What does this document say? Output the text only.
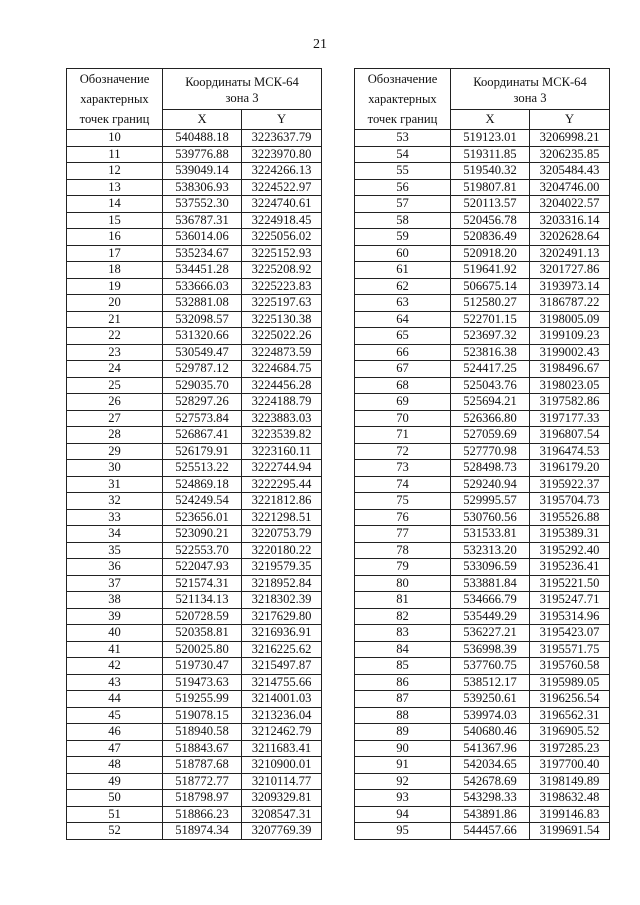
21
Обозначение характерных точек границ	Координаты МСК-64 зона 3	
	X	Y
10	540488.18	3223637.79
11	539776.88	3223970.80
12	539049.14	3224266.13
13	538306.93	3224522.97
14	537552.30	3224740.61
15	536787.31	3224918.45
16	536014.06	3225056.02
17	535234.67	3225152.93
18	534451.28	3225208.92
19	533666.03	3225223.83
20	532881.08	3225197.63
21	532098.57	3225130.38
22	531320.66	3225022.26
23	530549.47	3224873.59
24	529787.12	3224684.75
25	529035.70	3224456.28
26	528297.26	3224188.79
27	527573.84	3223883.03
28	526867.41	3223539.82
29	526179.91	3223160.11
30	525513.22	3222744.94
31	524869.18	3222295.44
32	524249.54	3221812.86
33	523656.01	3221298.51
34	523090.21	3220753.79
35	522553.70	3220180.22
36	522047.93	3219579.35
37	521574.31	3218952.84
38	521134.13	3218302.39
39	520728.59	3217629.80
40	520358.81	3216936.91
41	520025.80	3216225.62
42	519730.47	3215497.87
43	519473.63	3214755.66
44	519255.99	3214001.03
45	519078.15	3213236.04
46	518940.58	3212462.79
47	518843.67	3211683.41
48	518787.68	3210900.01
49	518772.77	3210114.77
50	518798.97	3209329.81
51	518866.23	3208547.31
52	518974.34	3207769.39
Обозначение характерных точек границ	Координаты МСК-64 зона 3	
	X	Y
53	519123.01	3206998.21
54	519311.85	3206235.85
55	519540.32	3205484.43
56	519807.81	3204746.00
57	520113.57	3204022.57
58	520456.78	3203316.14
59	520836.49	3202628.64
60	520918.20	3202491.13
61	519641.92	3201727.86
62	506675.14	3193973.14
63	512580.27	3186787.22
64	522701.15	3198005.09
65	523697.32	3199109.23
66	523816.38	3199002.43
67	524417.25	3198496.67
68	525043.76	3198023.05
69	525694.21	3197582.86
70	526366.80	3197177.33
71	527059.69	3196807.54
72	527770.98	3196474.53
73	528498.73	3196179.20
74	529240.94	3195922.37
75	529995.57	3195704.73
76	530760.56	3195526.88
77	531533.81	3195389.31
78	532313.20	3195292.40
79	533096.59	3195236.41
80	533881.84	3195221.50
81	534666.79	3195247.71
82	535449.29	3195314.96
83	536227.21	3195423.07
84	536998.39	3195571.75
85	537760.75	3195760.58
86	538512.17	3195989.05
87	539250.61	3196256.54
88	539974.03	3196562.31
89	540680.46	3196905.52
90	541367.96	3197285.23
91	542034.65	3197700.40
92	542678.69	3198149.89
93	543298.33	3198632.48
94	543891.86	3199146.83
95	544457.66	3199691.54
